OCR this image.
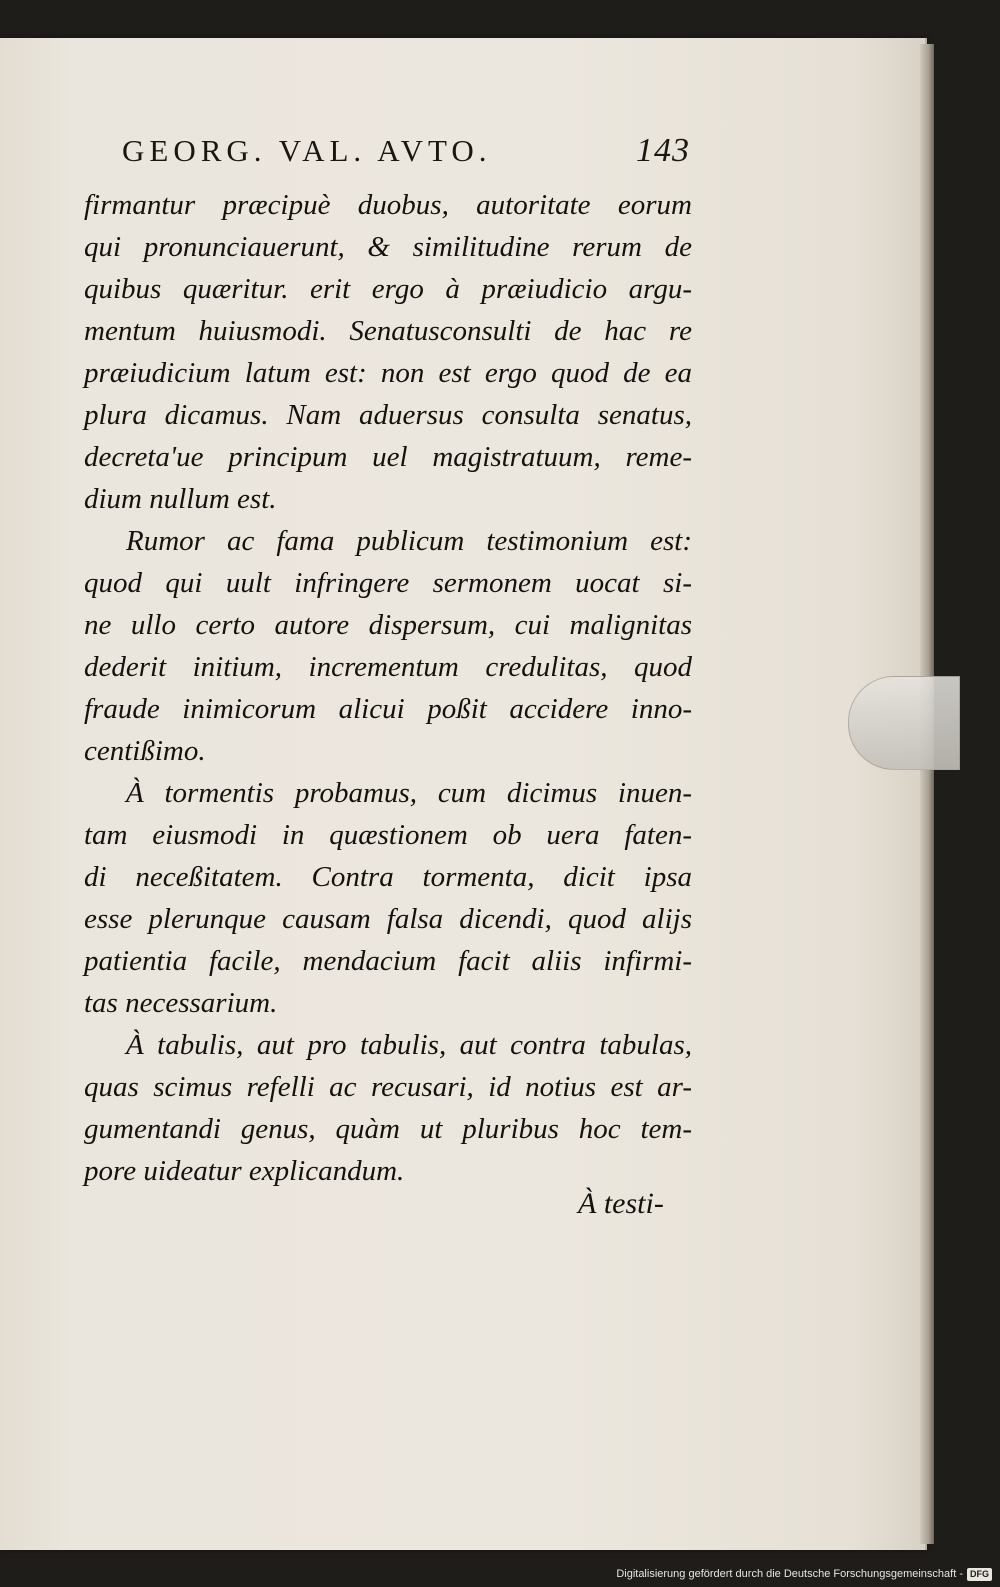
GEORG. VAL. AVTO.	143
firmantur præcipuè duobus, autoritate eorum
qui pronunciauerunt, & similitudine rerum de
quibus quæritur. erit ergo à præiudicio argu-
mentum huiusmodi. Senatusconsulti de hac re
præiudicium latum est: non est ergo quod de ea
plura dicamus. Nam aduersus consulta senatus,
decreta'ue principum uel magistratuum, reme-
dium nullum est.
Rumor ac fama publicum testimonium est:
quod qui uult infringere sermonem uocat si-
ne ullo certo autore dispersum, cui malignitas
dederit initium, incrementum credulitas, quod
fraude inimicorum alicui poßit accidere inno-
centißimo.
À tormentis probamus, cum dicimus inuen-
tam eiusmodi in quæstionem ob uera faten-
di neceßitatem. Contra tormenta, dicit ipsa
esse plerunque causam falsa dicendi, quod alijs
patientia facile, mendacium facit aliis infirmi-
tas necessarium.
À tabulis, aut pro tabulis, aut contra tabulas,
quas scimus refelli ac recusari, id notius est ar-
gumentandi genus, quàm ut pluribus hoc tem-
pore uideatur explicandum.
À testi-
Digitalisierung gefördert durch die Deutsche Forschungsgemeinschaft - DFG
